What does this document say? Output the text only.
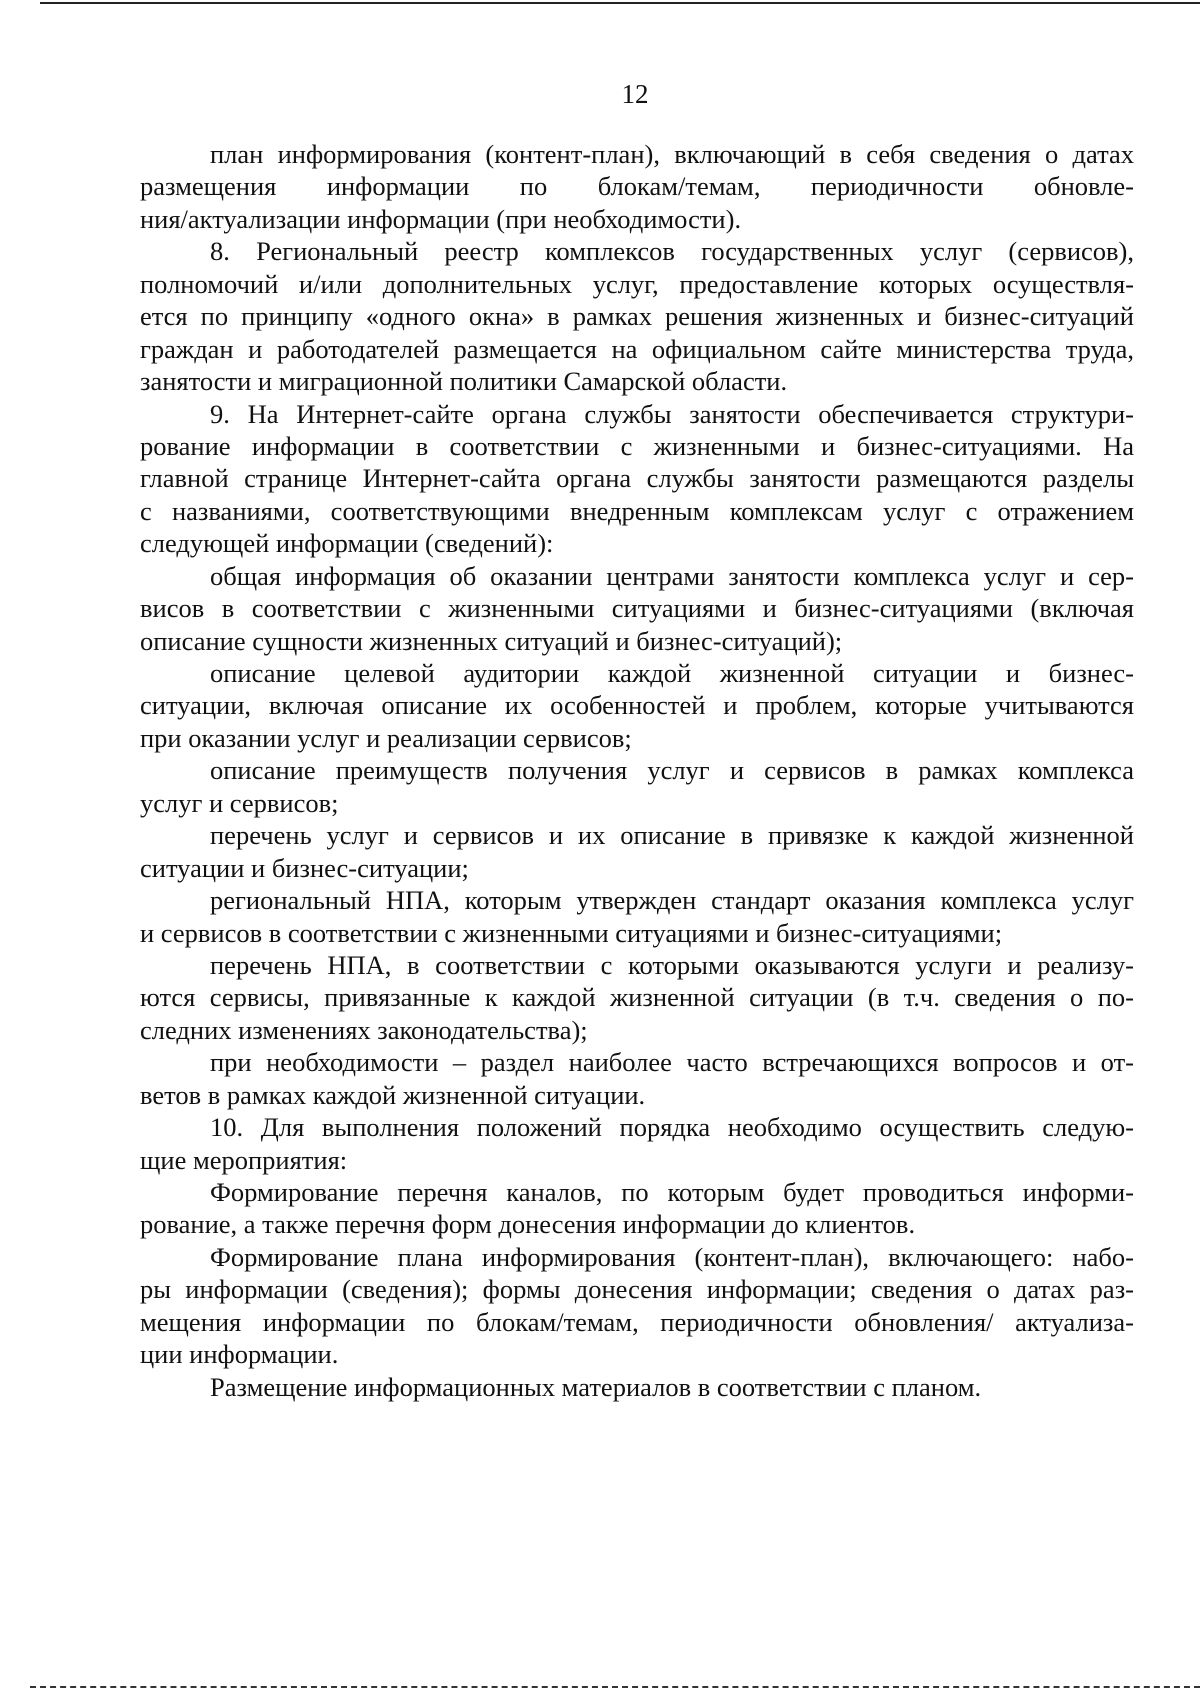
12
план информирования (контент-план), включающий в себя сведения о датах
размещения информации по блокам/темам, периодичности обновле-
ния/актуализации информации (при необходимости).
8. Региональный реестр комплексов государственных услуг (сервисов),
полномочий и/или дополнительных услуг, предоставление которых осуществля-
ется по принципу «одного окна» в рамках решения жизненных и бизнес-ситуаций
граждан и работодателей размещается на официальном сайте министерства труда,
занятости и миграционной политики Самарской области.
9. На Интернет-сайте органа службы занятости обеспечивается структури-
рование информации в соответствии с жизненными и бизнес-ситуациями. На
главной странице Интернет-сайта органа службы занятости размещаются разделы
с названиями, соответствующими внедренным комплексам услуг с отражением
следующей информации (сведений):
общая информация об оказании центрами занятости комплекса услуг и сер-
висов в соответствии с жизненными ситуациями и бизнес-ситуациями (включая
описание сущности жизненных ситуаций и бизнес-ситуаций);
описание целевой аудитории каждой жизненной ситуации и бизнес-
ситуации, включая описание их особенностей и проблем, которые учитываются
при оказании услуг и реализации сервисов;
описание преимуществ получения услуг и сервисов в рамках комплекса
услуг и сервисов;
перечень услуг и сервисов и их описание в привязке к каждой жизненной
ситуации и бизнес-ситуации;
региональный НПА, которым утвержден стандарт оказания комплекса услуг
и сервисов в соответствии с жизненными ситуациями и бизнес-ситуациями;
перечень НПА, в соответствии с которыми оказываются услуги и реализу-
ются сервисы, привязанные к каждой жизненной ситуации (в т.ч. сведения о по-
следних изменениях законодательства);
при необходимости – раздел наиболее часто встречающихся вопросов и от-
ветов в рамках каждой жизненной ситуации.
10. Для выполнения положений порядка необходимо осуществить следую-
щие мероприятия:
Формирование перечня каналов, по которым будет проводиться информи-
рование, а также перечня форм донесения информации до клиентов.
Формирование плана информирования (контент-план), включающего: набо-
ры информации (сведения); формы донесения информации; сведения о датах раз-
мещения информации по блокам/темам, периодичности обновления/ актуализа-
ции информации.
Размещение информационных материалов в соответствии с планом.
